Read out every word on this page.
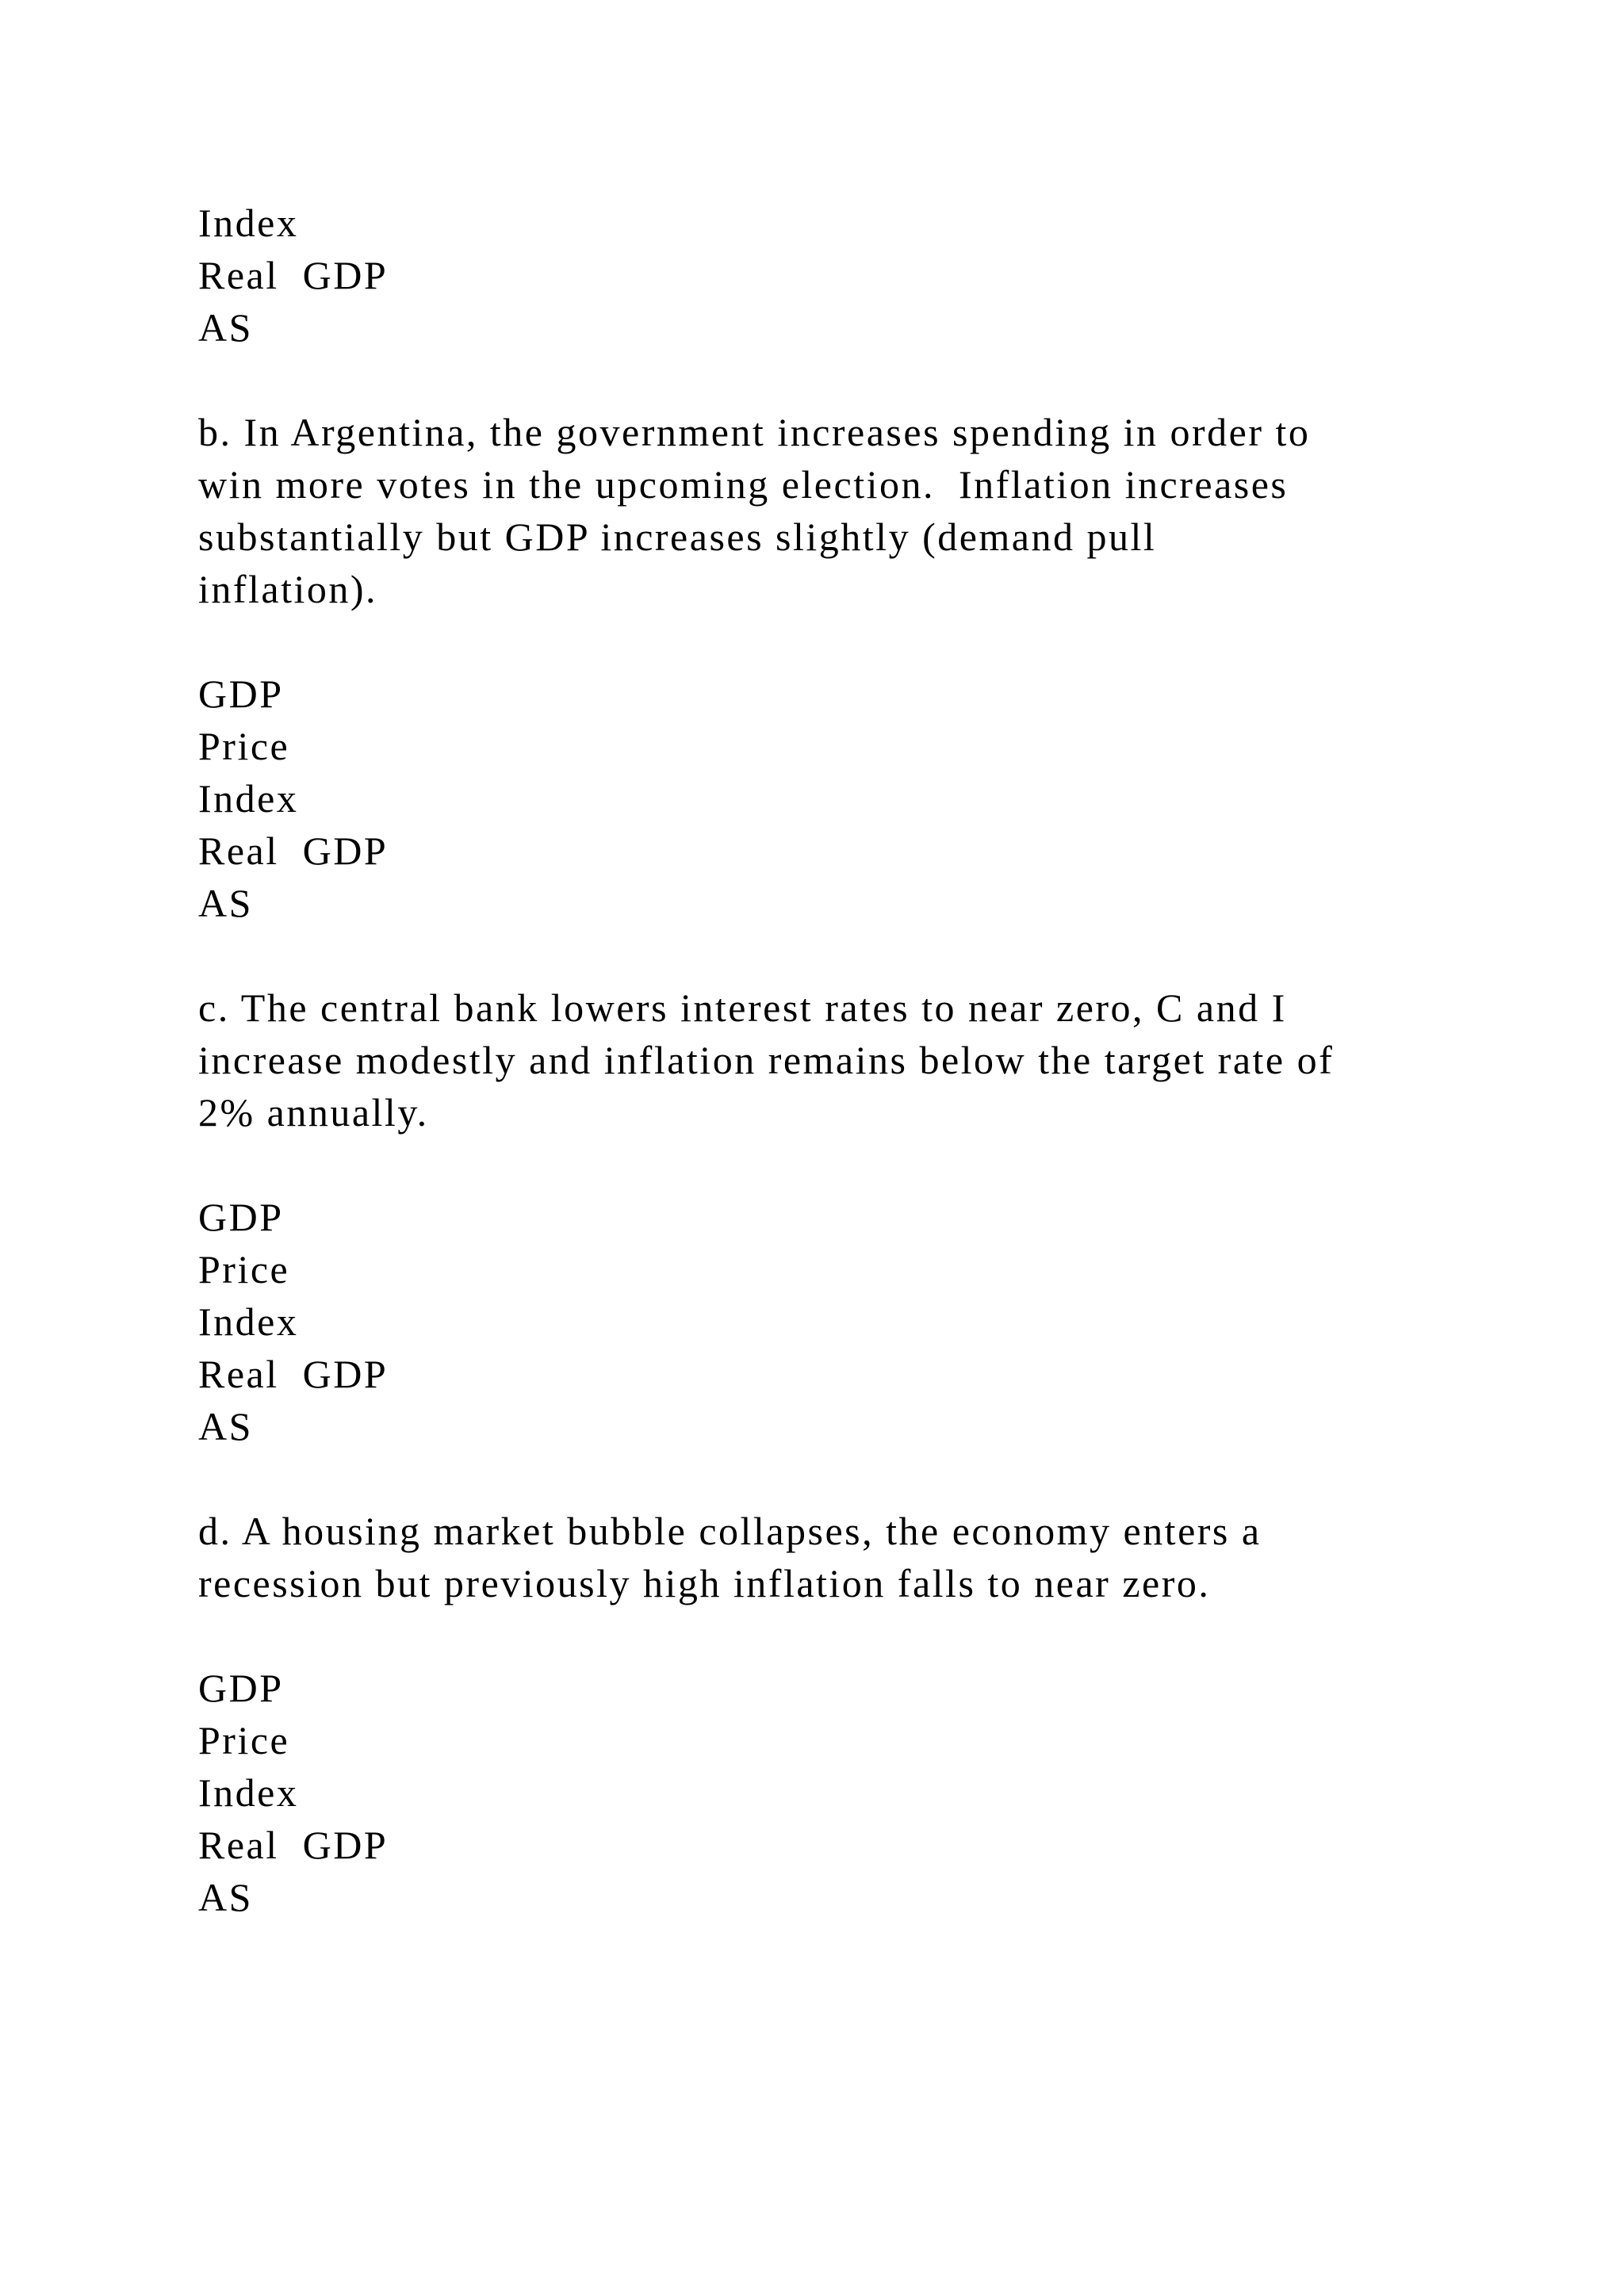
Index
Real  GDP
AS
b. In Argentina, the government increases spending in order to
win more votes in the upcoming election.  Inflation increases
substantially but GDP increases slightly (demand pull
inflation).
GDP
Price
Index
Real  GDP
AS
c. The central bank lowers interest rates to near zero, C and I
increase modestly and inflation remains below the target rate of
2% annually.
GDP
Price
Index
Real  GDP
AS
d. A housing market bubble collapses, the economy enters a
recession but previously high inflation falls to near zero.
GDP
Price
Index
Real  GDP
AS
